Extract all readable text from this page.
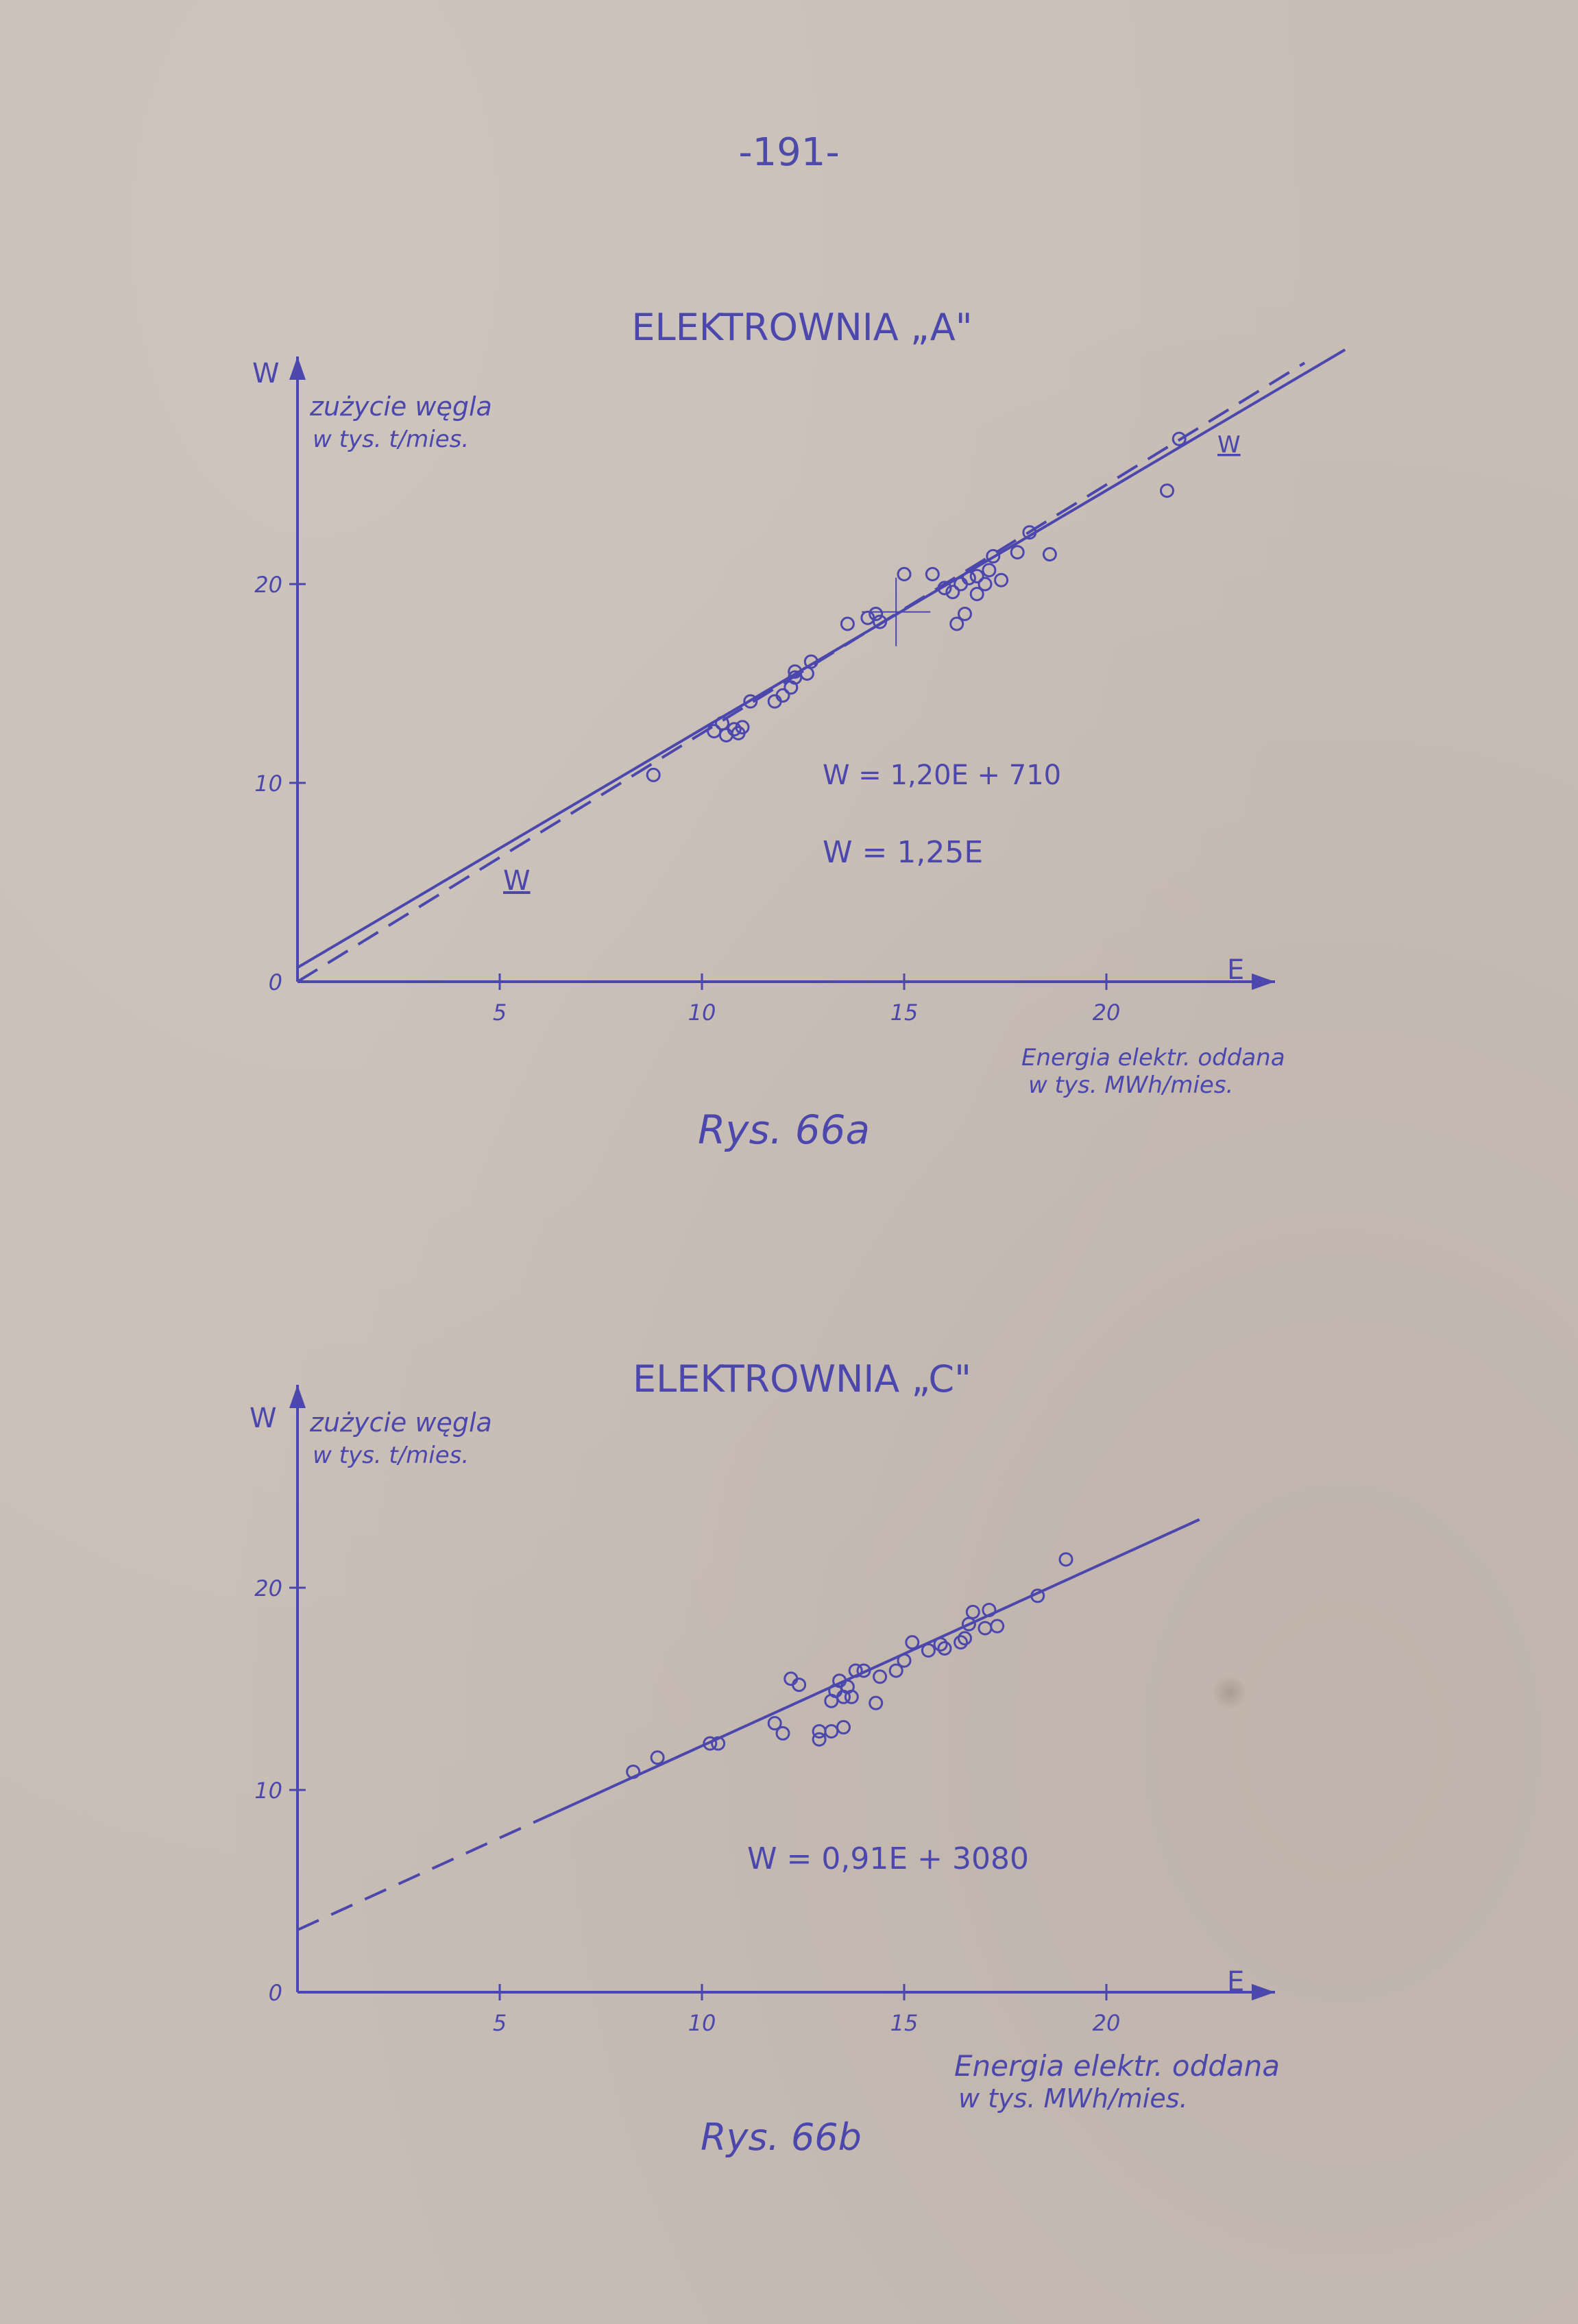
-191-
ELEKTROWNIA „A"
W
zużycie węgla
w tys. t/mies.
E
Energia elektr. oddana
w tys. MWh/mies.
Rys. 66a
W = 1,20E + 710
W = 1,25E
W
W
5	10	15	20
0
10
20
ELEKTROWNIA „C"
W zużycie węgla
w tys. t/mies.
E
Energia elektr. oddana
w tys. MWh/mies.
Rys. 66b
W = 0,91E + 3080
5	10	15	20
0
10
20
